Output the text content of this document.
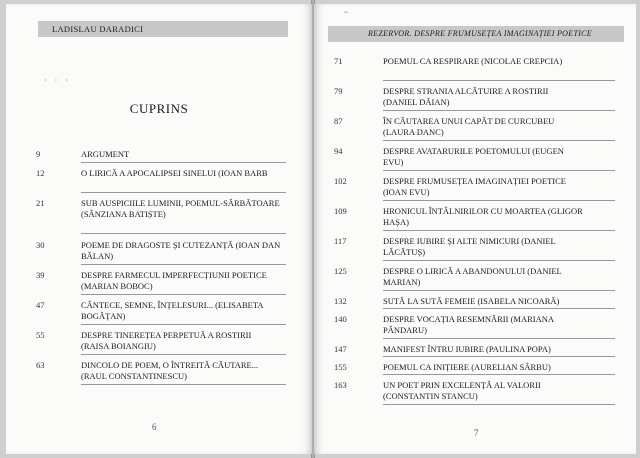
LADISLAU DARADICI
· · ·
CUPRINS
9	ARGUMENT
12	O LIRICĂ A APOCALIPSEI SINELUI (IOAN BARB
21	SUB AUSPICIILE LUMINII, POEMUL-SĂRBĂTOARE (SÂNZIANA BATIȘTE)
30	POEME DE DRAGOSTE ȘI CUTEZANȚĂ (IOAN DAN BĂLAN)
39	DESPRE FARMECUL IMPERFECȚIUNII POETICE (MARIAN BOBOC)
47	CÂNTECE, SEMNE, ÎNȚELESURI... (ELISABETA BOGĂȚAN)
55	DESPRE TINEREȚEA PERPETUĂ A ROSTIRII (RAISA BOIANGIU)
63	DINCOLO DE POEM, O ÎNTREITĂ CĂUTARE... (RAUL CONSTANTINESCU)
6
~
REZERVOR. DESPRE FRUMUSEȚEA IMAGINAȚIEI POETICE
71	POEMUL CA RESPIRARE (NICOLAE CREPCIA)
79	DESPRE STRANIA ALCĂTUIRE A ROSTIRII (DANIEL DĂIAN)
87	ÎN CĂUTAREA UNUI CAPĂT DE CURCUBEU (LAURA DANC)
94	DESPRE AVATARURILE POETOMULUI (EUGEN EVU)
102	DESPRE FRUMUSEȚEA IMAGINAȚIEI POETICE (IOAN EVU)
109	HRONICUL ÎNTÂLNIRILOR CU MOARTEA (GLIGOR HAȘA)
117	DESPRE IUBIRE ȘI ALTE NIMICURI (DANIEL LĂCĂTUȘ)
125	DESPRE O LIRICĂ A ABANDONULUI (DANIEL MARIAN)
132	SUTĂ LA SUTĂ FEMEIE (ISABELA NICOARĂ)
140	DESPRE VOCAȚIA RESEMNĂRII (MARIANA PÂNDARU)
147	MANIFEST ÎNTRU IUBIRE (PAULINA POPA)
155	POEMUL CA INIȚIERE (AURELIAN SÂRBU)
163	UN POET PRIN EXCELENȚĂ AL VALORII (CONSTANTIN STANCU)
7
